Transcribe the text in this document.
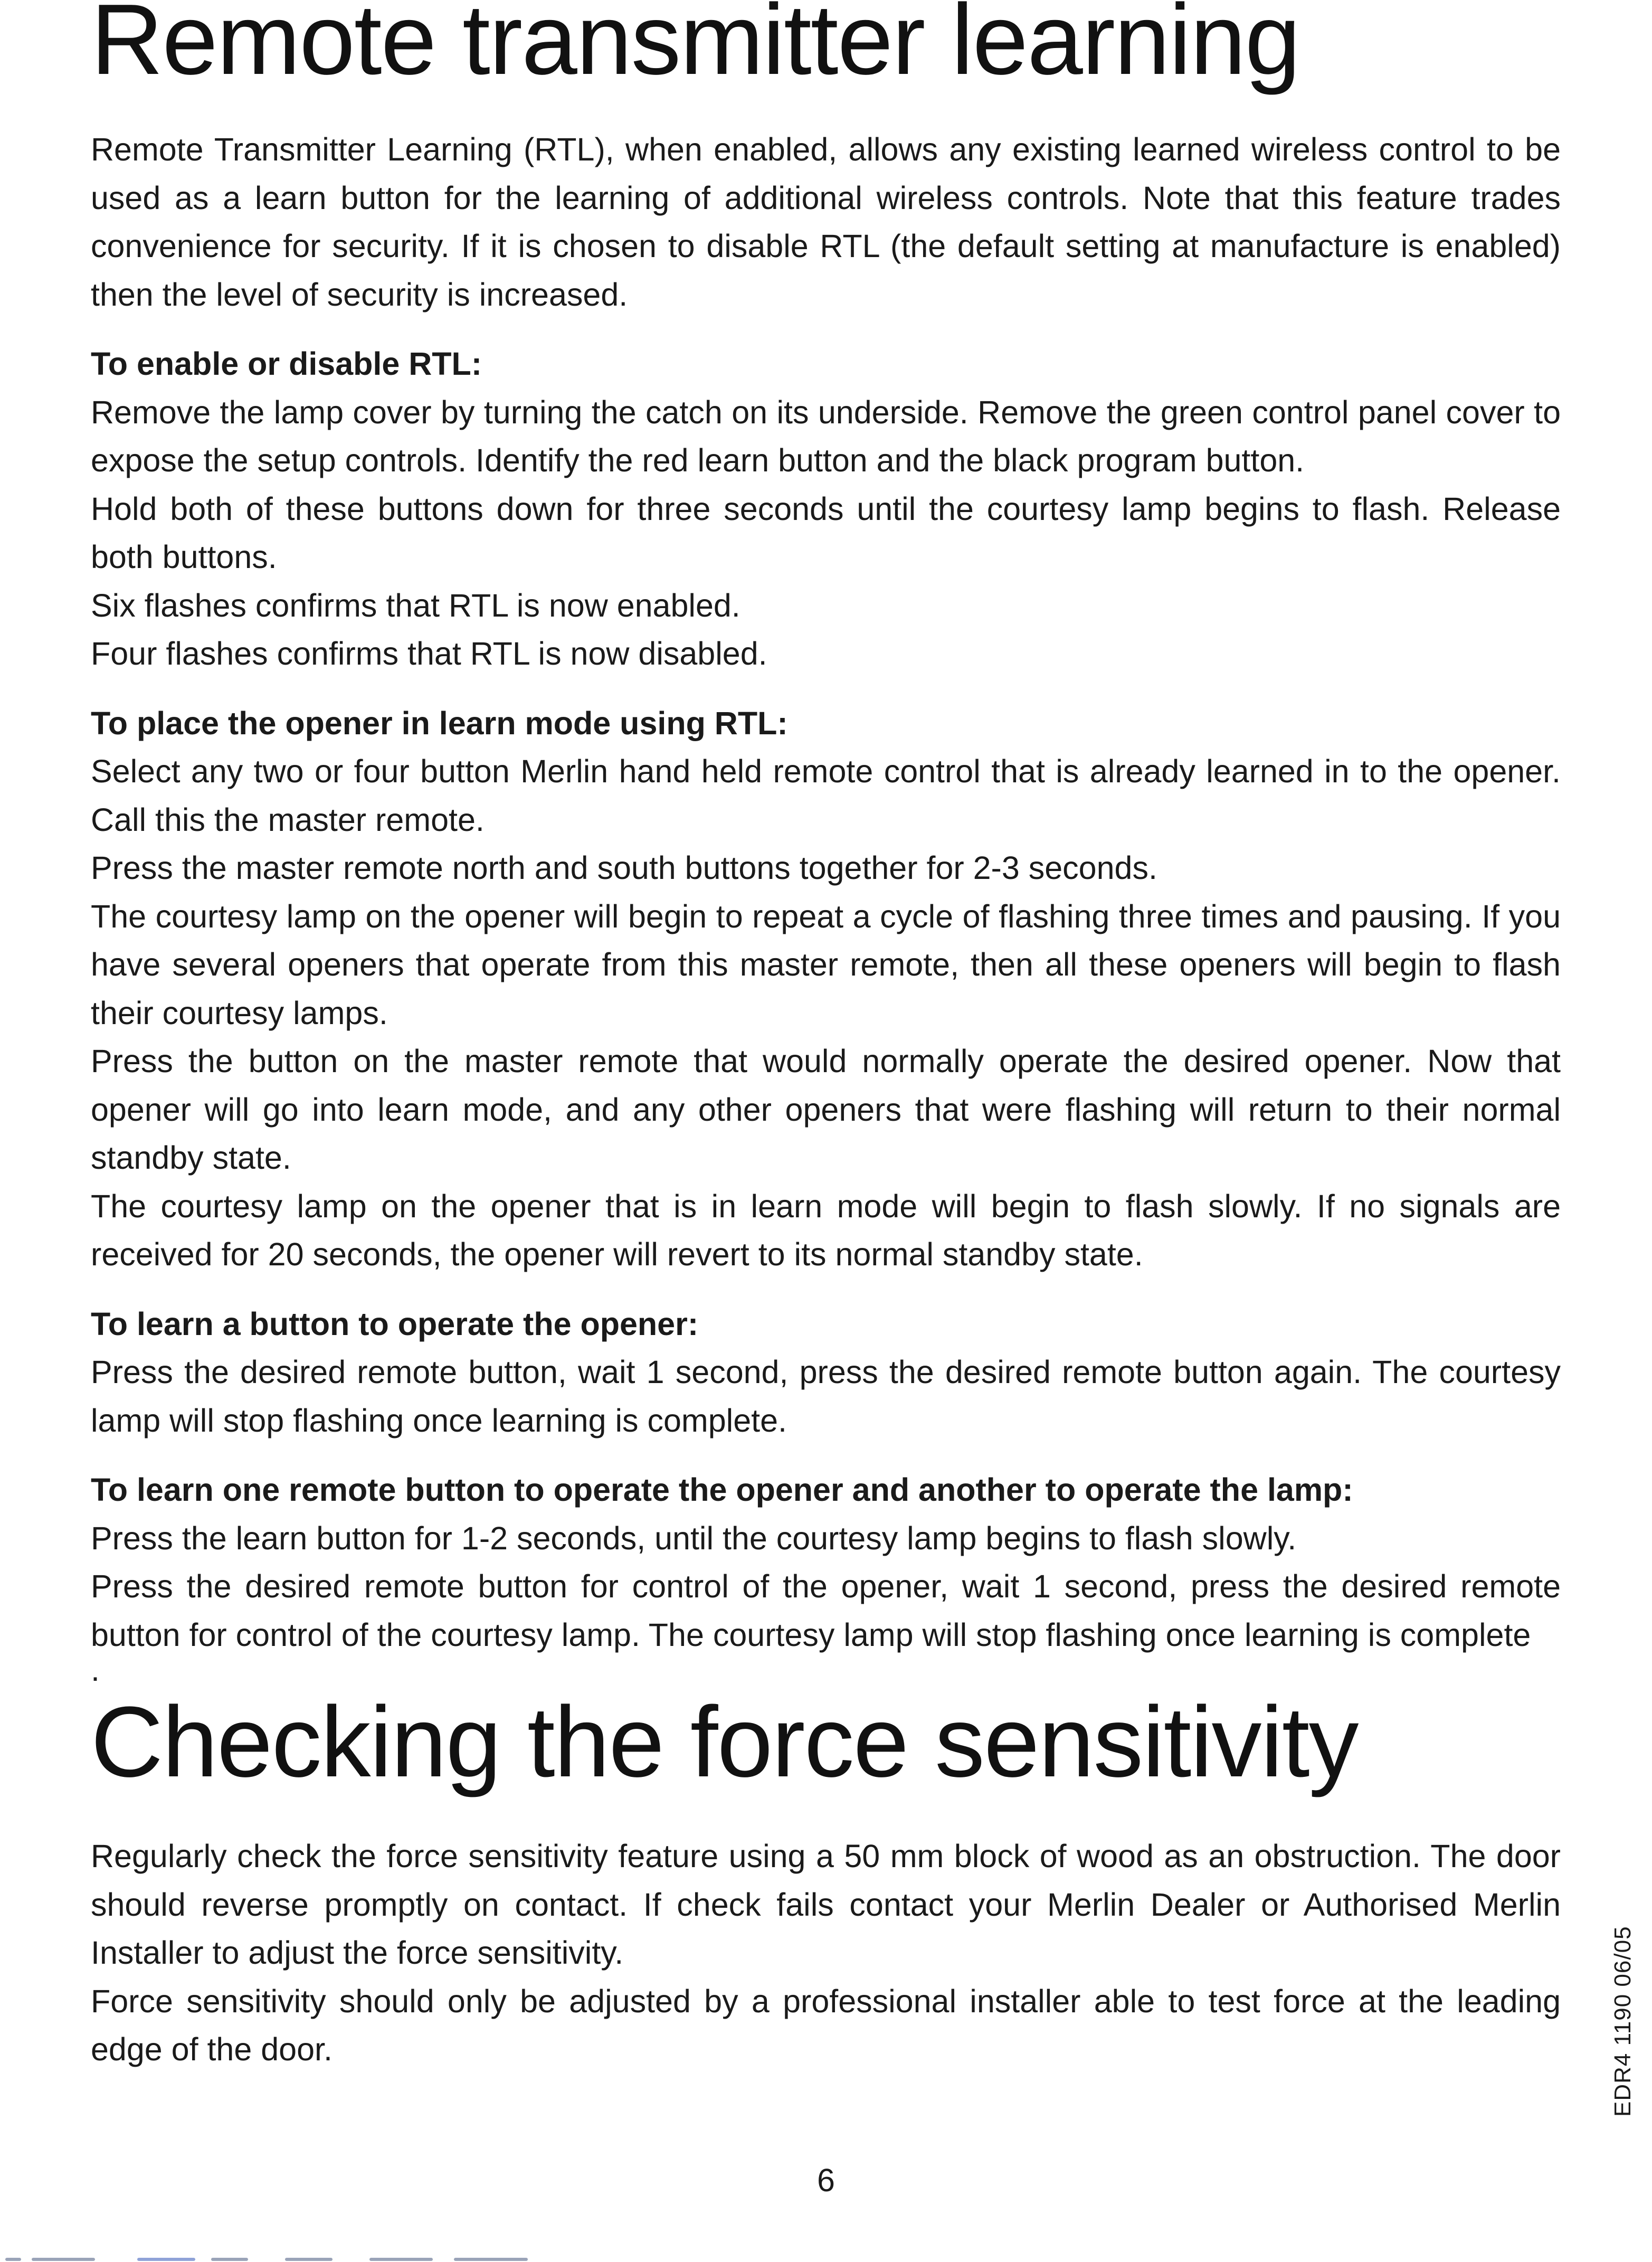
Remote transmitter learning

Remote Transmitter Learning (RTL), when enabled, allows any existing learned wireless control to be used as a learn button for the learning of additional wireless controls. Note that this feature trades convenience for security. If it is chosen to disable RTL (the default setting at manufacture is enabled) then the level of security is increased.

To enable or disable RTL:

Remove the lamp cover by turning the catch on its underside. Remove the green control panel cover to expose the setup controls. Identify the red learn button and the black program button.

Hold both of these buttons down for three seconds until the courtesy lamp begins to flash. Release both buttons.

Six flashes confirms that RTL is now enabled.

Four flashes confirms that RTL is now disabled.

To place the opener in learn mode using RTL:

Select any two or four button Merlin hand held remote control that is already learned in to the opener. Call this the master remote.

Press the master remote north and south buttons together for 2-3 seconds.

The courtesy lamp on the opener will begin to repeat a cycle of flashing three times and pausing. If you have several openers that operate from this master remote, then all these openers will begin to flash their courtesy lamps.

Press the button on the master remote that would normally operate the desired opener. Now that opener will go into learn mode, and any other openers that were flashing will return to their normal standby state.

The courtesy lamp on the opener that is in learn mode will begin to flash slowly. If no signals are received for 20 seconds, the opener will revert to its normal standby state.

To learn a button to operate the opener:

Press the desired remote button, wait 1 second, press the desired remote button again. The courtesy lamp will stop flashing once learning is complete.

To learn one remote button to operate the opener and another to operate the lamp:

Press the learn button for 1-2 seconds, until the courtesy lamp begins to flash slowly.

Press the desired remote button for control of the opener, wait 1 second, press the desired remote button for control of the courtesy lamp. The courtesy lamp will stop flashing once learning is complete

.
Checking the force sensitivity

Regularly check the force sensitivity feature using a 50 mm block of wood as an obstruction. The door should reverse promptly on contact. If check fails contact your Merlin Dealer or Authorised Merlin Installer to adjust the force sensitivity.

Force sensitivity should only be adjusted by a professional installer able to test force at the leading edge of the door.	EDR4 1190 06/05
6
